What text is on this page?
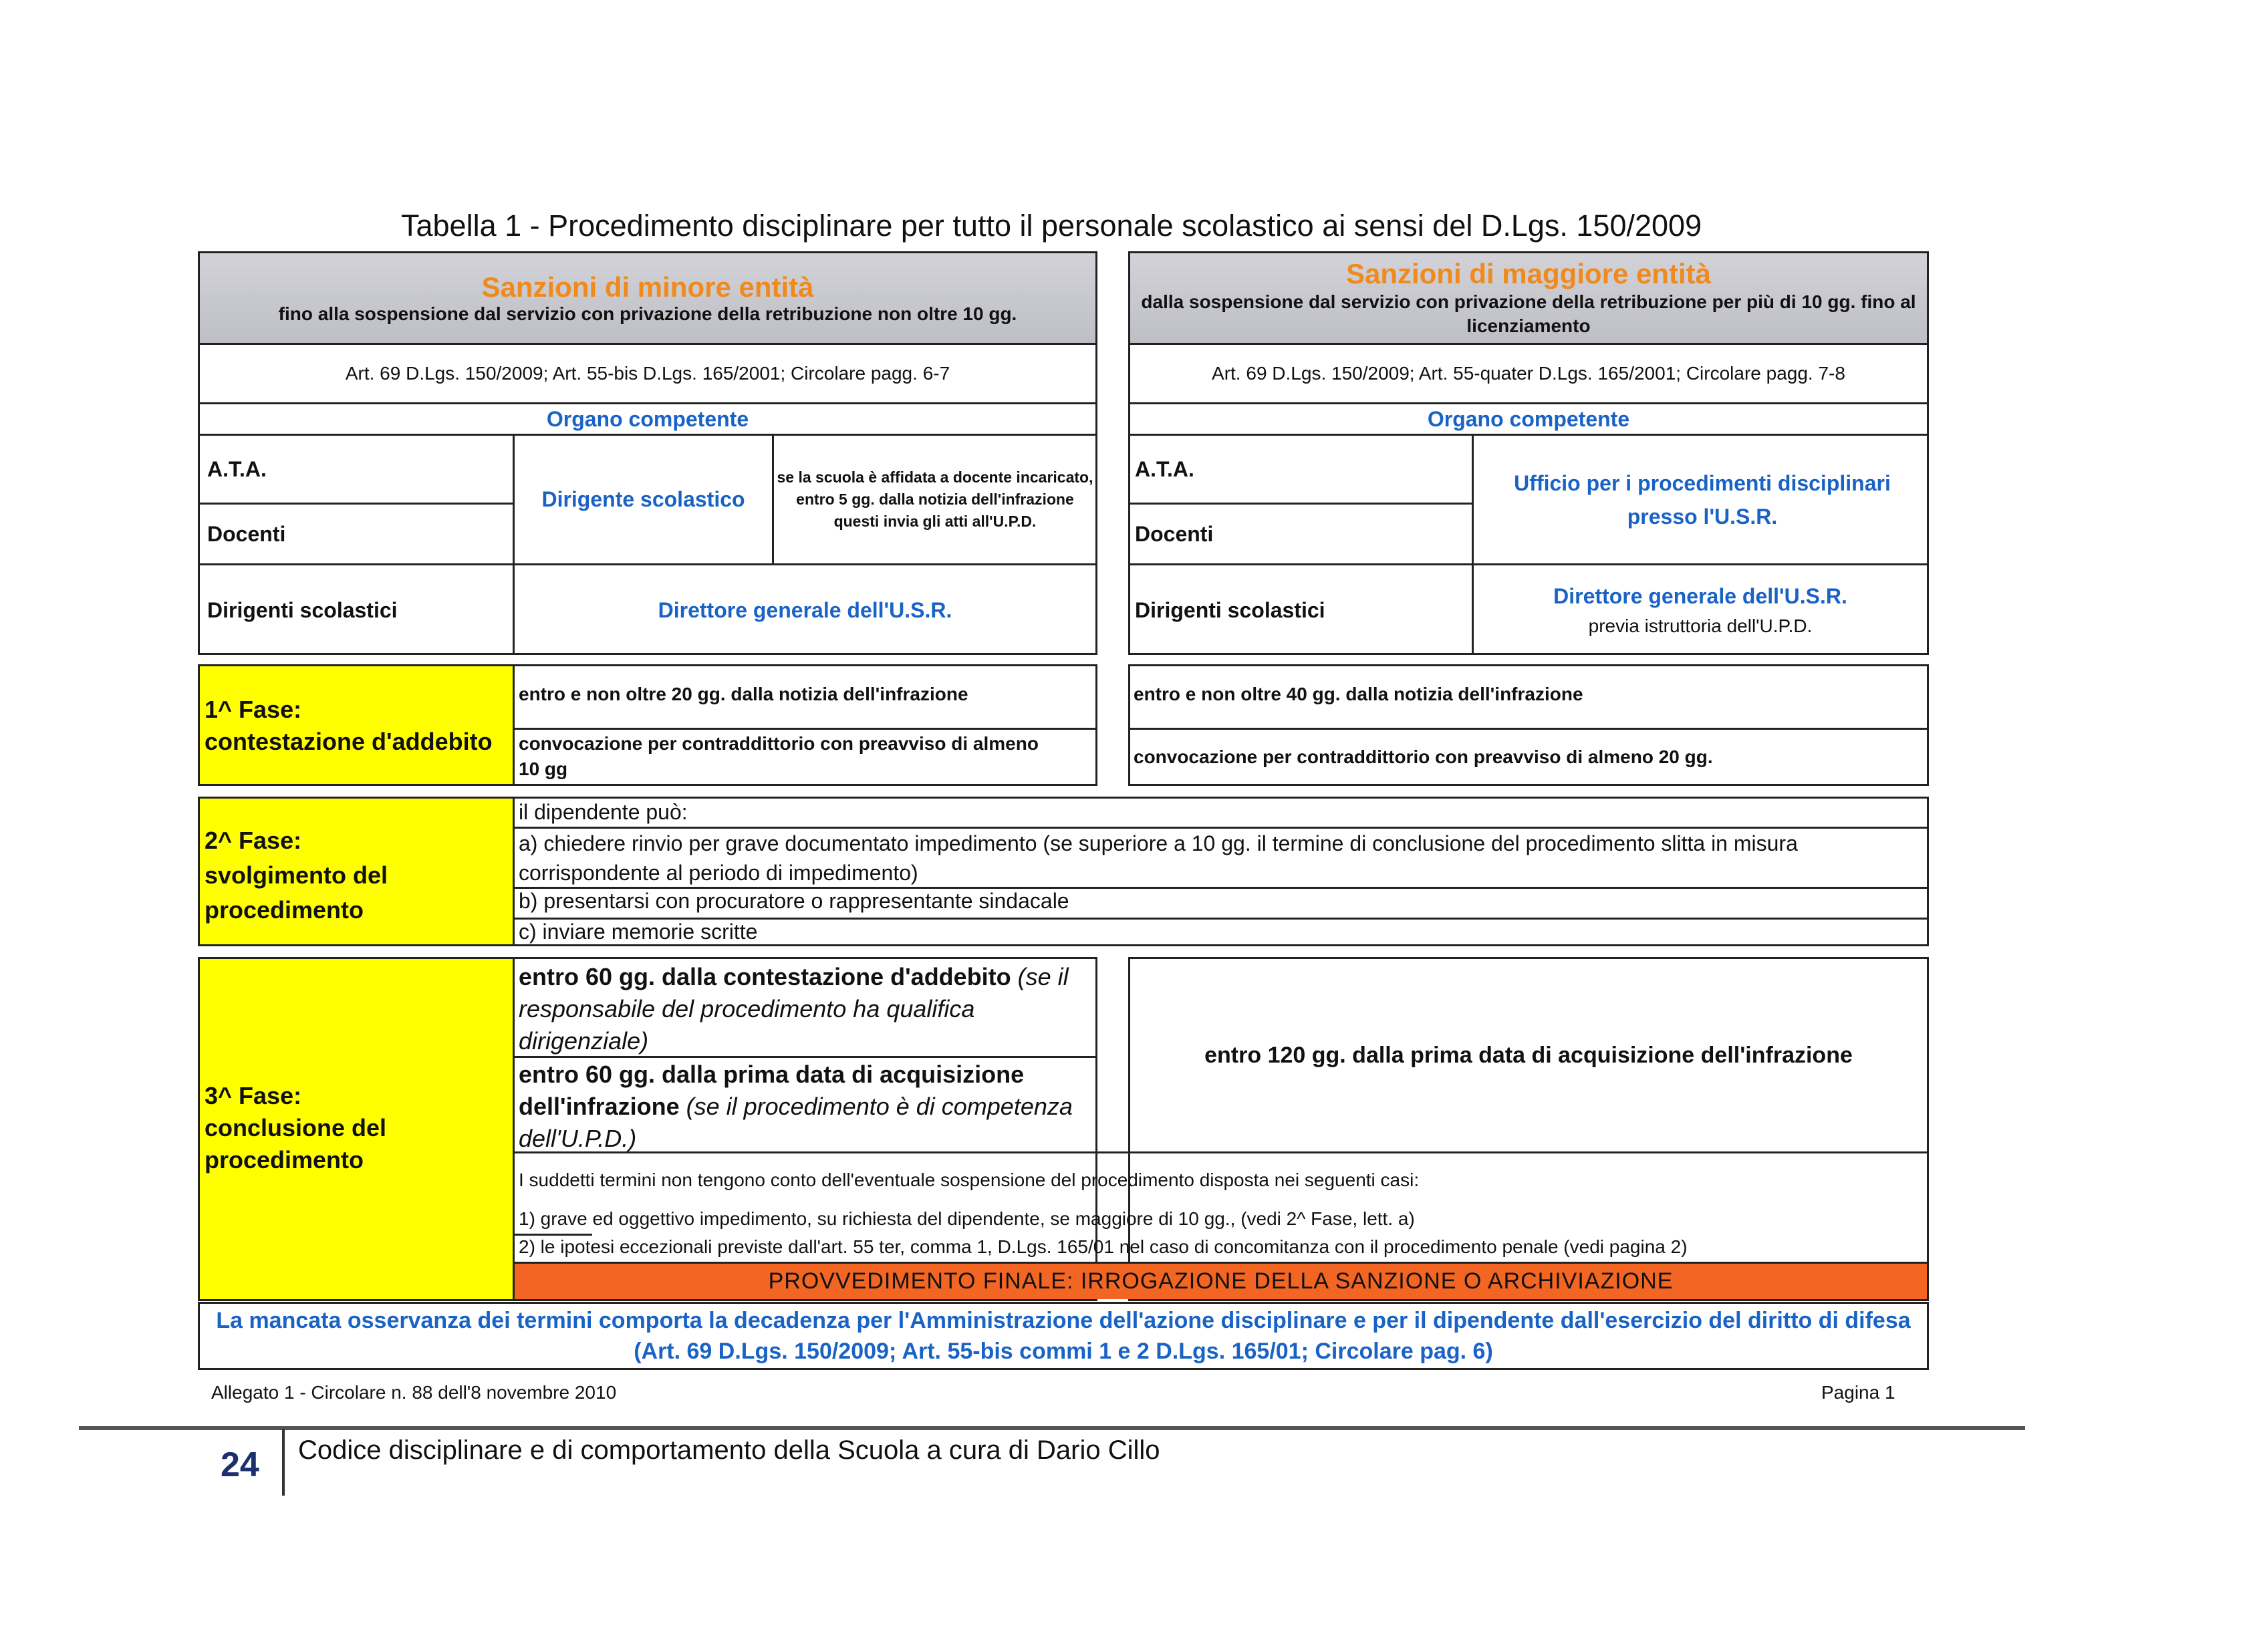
Tabella 1 - Procedimento disciplinare per tutto il personale scolastico ai sensi del D.Lgs. 150/2009
Sanzioni di minore entità
fino alla sospensione dal servizio con privazione della retribuzione non oltre 10 gg.
Art. 69 D.Lgs. 150/2009; Art. 55-bis D.Lgs. 165/2001; Circolare pagg. 6-7
Organo competente
A.T.A.
Docenti
Dirigente scolastico
se la scuola è affidata a docente incaricato, entro 5 gg. dalla notizia dell'infrazione questi invia gli atti all'U.P.D.
Dirigenti scolastici	Direttore generale dell'U.S.R.
Sanzioni di maggiore entità
dalla sospensione dal servizio con privazione della retribuzione per più di 10 gg. fino al licenziamento
Art. 69 D.Lgs. 150/2009; Art. 55-quater D.Lgs. 165/2001; Circolare pagg. 7-8
Organo competente
A.T.A.
Docenti
Ufficio per i procedimenti disciplinari presso l'U.S.R.
Dirigenti scolastici
Direttore generale dell'U.S.R.
previa istruttoria dell'U.P.D.
1^ Fase:
contestazione d'addebito
entro e non oltre 20 gg. dalla notizia dell'infrazione
convocazione per contraddittorio con preavviso di almeno 10 gg
entro e non oltre 40 gg. dalla notizia dell'infrazione
convocazione per contraddittorio con preavviso di almeno 20 gg.
2^ Fase:
svolgimento del
procedimento
il dipendente può:
a) chiedere rinvio per grave documentato impedimento (se superiore a 10 gg. il termine di conclusione del procedimento slitta in misura corrispondente al periodo di impedimento)
b) presentarsi con procuratore o rappresentante sindacale
c) inviare memorie scritte
3^ Fase:
conclusione del
procedimento
entro 60 gg. dalla contestazione d'addebito (se il responsabile del procedimento ha qualifica dirigenziale)
entro 60 gg. dalla prima data di acquisizione dell'infrazione (se il procedimento è di competenza dell'U.P.D.)
entro 120 gg. dalla prima data di acquisizione dell'infrazione
I suddetti termini non tengono conto dell'eventuale sospensione del procedimento disposta nei seguenti casi:
1) grave ed oggettivo impedimento, su richiesta del dipendente, se maggiore di 10 gg., (vedi 2^ Fase, lett. a)
2) le ipotesi eccezionali previste dall'art. 55 ter, comma 1, D.Lgs. 165/01 nel caso di concomitanza con il procedimento penale (vedi pagina 2)
PROVVEDIMENTO FINALE: IRROGAZIONE DELLA SANZIONE O ARCHIVIAZIONE
La mancata osservanza dei termini comporta la decadenza per l'Amministrazione dell'azione disciplinare e per il dipendente dall'esercizio del diritto di difesa (Art. 69 D.Lgs. 150/2009; Art. 55-bis commi 1 e 2 D.Lgs. 165/01; Circolare pag. 6)
Allegato 1 - Circolare n. 88 dell'8 novembre 2010	Pagina 1
24 Codice disciplinare e di comportamento della Scuola a cura di Dario Cillo
